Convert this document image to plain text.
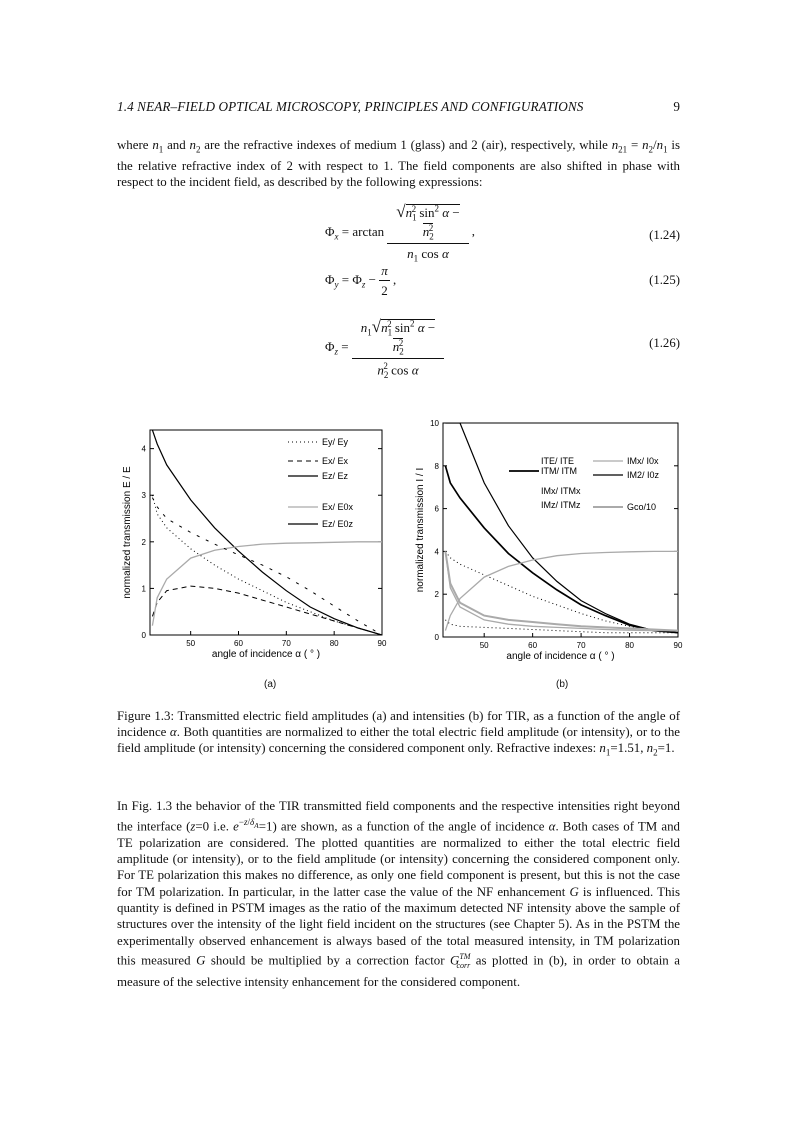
1.4 NEAR–FIELD OPTICAL MICROSCOPY, PRINCIPLES AND CONFIGURATIONS	9
where $n_1$ and $n_2$ are the refractive indexes of medium 1 (glass) and 2 (air), respectively, while $n_{21} = n_2/n_1$ is the relative refractive index of 2 with respect to 1. The field components are also shifted in phase with respect to the incident field, as described by the following expressions:
$\Phi_x = \arctan \frac{√n_1^2 \sin^2 \alpha - n_2^2}{n_1 \cos \alpha}$ ,	(1.24)
$\Phi_y = \Phi_z - \frac{\pi}{2}$ ,	(1.25)
$\Phi_z = \frac{n_1√n_1^2 \sin^2 \alpha - n_2^2}{n_2^2 \cos \alpha}$	(1.26)
50	60	70	80	90
0
1
2
3
4
angle of incidence α ( ° )
normalized transmission E / E
Ey/ Ey
Ex/ Ex
Ez/ Ez
Ex/ E0x
Ez/ E0z
(a)
50	60	70	80	90
0
2
4
6
8
10
angle of incidence α ( ° )
normalized transmission I / I
ITE/ ITE
ITM/ ITM
IMx/ ITMx
IMz/ ITMz
IMx/ I0x
IM2/ I0z
Gco/10
(b)
Figure 1.3: Transmitted electric field amplitudes (a) and intensities (b) for TIR, as a function of the angle of incidence α. Both quantities are normalized to either the total electric field amplitude (or intensity), or to the field amplitude (or intensity) concerning the considered component only. Refractive indexes: $n_1=1.51$, $n_2=1$.
In Fig. 1.3 the behavior of the TIR transmitted field components and the respective intensities right beyond the interface (z=0 i.e. $e^{-z/\delta_A}=1$) are shown, as a function of the angle of incidence α. Both cases of TM and TE polarization are considered. The plotted quantities are normalized to either the total electric field amplitude (or intensity), or to the field amplitude (or intensity) concerning the considered component only. For TE polarization this makes no difference, as only one field component is present, but this is not the case for TM polarization. In particular, in the latter case the value of the NF enhancement G is influenced. This quantity is defined in PSTM images as the ratio of the maximum detected NF intensity above the sample of structures over the intensity of the light field incident on the structures (see Chapter 5). As in the PSTM the experimentally observed enhancement is always based of the total measured intensity, in TM polarization this measured G should be multiplied by a correction factor $G™_{corr}$ as plotted in (b), in order to obtain a measure of the selective intensity enhancement for the considered component.
